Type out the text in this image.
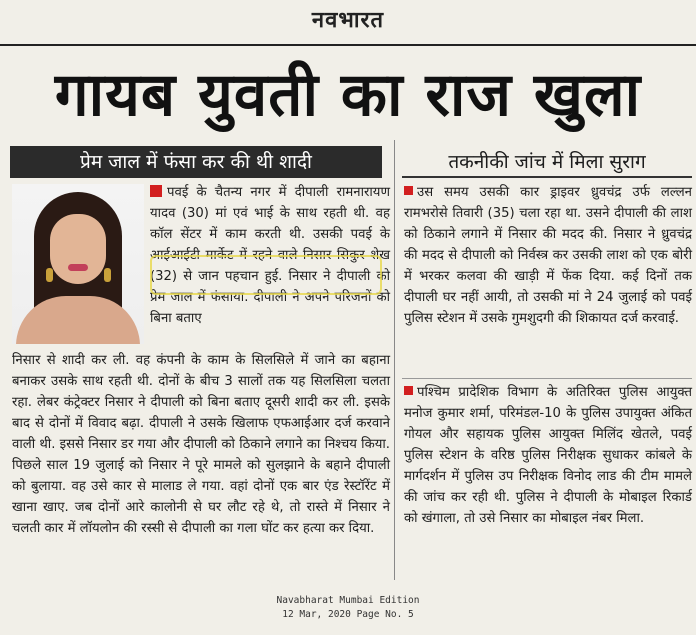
नवभारत
गायब युवती का राज खुला
प्रेम जाल में फंसा कर की थी शादी	तकनीकी जांच में मिला सुराग
पवई के चैतन्य नगर में दीपाली रामनारायण यादव (30) मां एवं भाई के साथ रहती थी. वह कॉल सेंटर में काम करती थी. उसकी पवई के आईआईटी मार्केट में रहने वाले निसार सिकुर शेख (32) से जान पहचान हुई. निसार ने दीपाली को प्रेम जाल में फंसाया. दीपाली ने अपने परिजनों को बिना बताए
निसार से शादी कर ली. वह कंपनी के काम के सिलसिले में जाने का बहाना बनाकर उसके साथ रहती थी. दोनों के बीच 3 सालों तक यह सिलसिला चलता रहा. लेबर कंट्रेक्टर निसार ने दीपाली को बिना बताए दूसरी शादी कर ली. इसके बाद से दोनों में विवाद बढ़ा. दीपाली ने उसके खिलाफ एफआईआर दर्ज करवाने वाली थी. इससे निसार डर गया और दीपाली को ठिकाने लगाने का निश्चय किया. पिछले साल 19 जुलाई को निसार ने पूरे मामले को सुलझाने के बहाने दीपाली को बुलाया. वह उसे कार से मालाड ले गया. वहां दोनों एक बार एंड रेस्टॉरेंट में खाना खाए. जब दोनों आरे कालोनी से घर लौट रहे थे, तो रास्ते में निसार ने चलती कार में लॉयलोन की रस्सी से दीपाली का गला घोंट कर हत्या कर दिया.
उस समय उसकी कार ड्राइवर ध्रुवचंद्र उर्फ लल्लन रामभरोसे तिवारी (35) चला रहा था. उसने दीपाली की लाश को ठिकाने लगाने में निसार की मदद की. निसार ने ध्रुवचंद्र की मदद से दीपाली को निर्वस्त्र कर उसकी लाश को एक बोरी में भरकर कलवा की खाड़ी में फेंक दिया. कई दिनों तक दीपाली घर नहीं आयी, तो उसकी मां ने 24 जुलाई को पवई पुलिस स्टेशन में उसके गुमशुदगी की शिकायत दर्ज करवाई.
पश्चिम प्रादेशिक विभाग के अतिरिक्त पुलिस आयुक्त मनोज कुमार शर्मा, परिमंडल-10 के पुलिस उपायुक्त अंकित गोयल और सहायक पुलिस आयुक्त मिलिंद खेतले, पवई पुलिस स्टेशन के वरिष्ठ पुलिस निरीक्षक सुधाकर कांबले के मार्गदर्शन में पुलिस उप निरीक्षक विनोद लाड की टीम मामले की जांच कर रही थी. पुलिस ने दीपाली के मोबाइल रिकार्ड को खंगाला, तो उसे निसार का मोबाइल नंबर मिला.
Navabharat Mumbai Edition
12 Mar, 2020 Page No. 5
